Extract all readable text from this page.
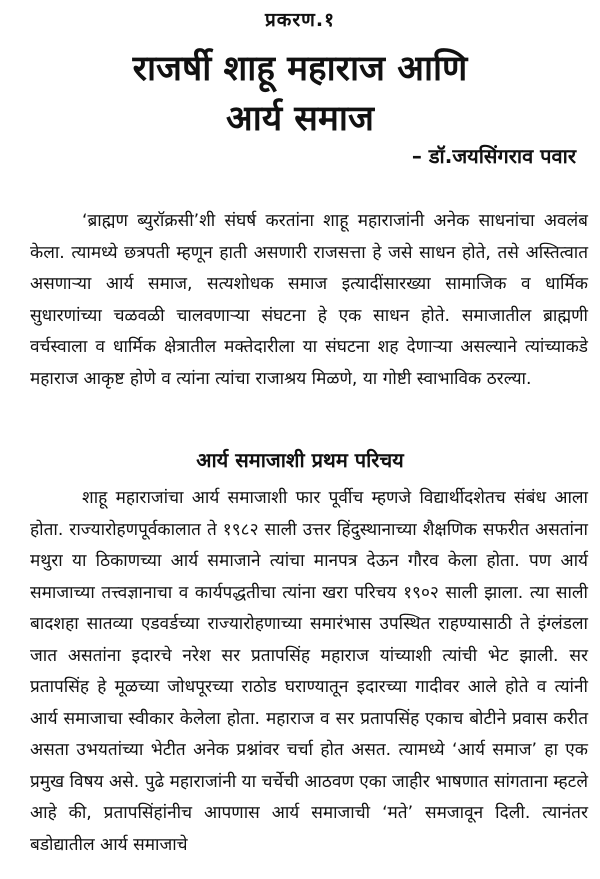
प्रकरण.१
राजर्षी शाहू महाराज आणि
आर्य समाज
– डॉ.जयसिंगराव पवार

‘ब्राह्मण ब्युरॉक्रसी’शी संघर्ष करतांना शाहू महाराजांनी अनेक साधनांचा अवलंब केला. त्यामध्ये छत्रपती म्हणून हाती असणारी राजसत्ता हे जसे साधन होते, तसे अस्तित्वात असणाऱ्या आर्य समाज, सत्यशोधक समाज इत्यादींसारख्या सामाजिक व धार्मिक सुधारणांच्या चळवळी चालवणाऱ्या संघटना हे एक साधन होते. समाजातील ब्राह्मणी वर्चस्वाला व धार्मिक क्षेत्रातील मक्तेदारीला या संघटना शह देणाऱ्या असल्याने त्यांच्याकडे महाराज आकृष्ट होणे व त्यांना त्यांचा राजाश्रय मिळणे, या गोष्टी स्वाभाविक ठरल्या.

आर्य समाजाशी प्रथम परिचय

शाहू महाराजांचा आर्य समाजाशी फार पूर्वीच म्हणजे विद्यार्थीदशेतच संबंध आला होता. राज्यारोहणपूर्वकालात ते १९८२ साली उत्तर हिंदुस्थानाच्या शैक्षणिक सफरीत असतांना मथुरा या ठिकाणच्या आर्य समाजाने त्यांचा मानपत्र देऊन गौरव केला होता. पण आर्य समाजाच्या तत्त्वज्ञानाचा व कार्यपद्धतीचा त्यांना खरा परिचय १९०२ साली झाला. त्या साली बादशहा सातव्या एडवर्डच्या राज्यारोहणाच्या समारंभास उपस्थित राहण्यासाठी ते इंग्लंडला जात असतांना इदारचे नरेश सर प्रतापसिंह महाराज यांच्याशी त्यांची भेट झाली. सर प्रतापसिंह हे मूळच्या जोधपूरच्या राठोड घराण्यातून इदारच्या गादीवर आले होते व त्यांनी आर्य समाजाचा स्वीकार केलेला होता. महाराज व सर प्रतापसिंह एकाच बोटीने प्रवास करीत असता उभयतांच्या भेटीत अनेक प्रश्नांवर चर्चा होत असत. त्यामध्ये ‘आर्य समाज’ हा एक प्रमुख विषय असे. पुढे महाराजांनी या चर्चेची आठवण एका जाहीर भाषणात सांगताना म्हटले आहे की, प्रतापसिंहांनीच आपणास आर्य समाजाची ‘मते’ समजावून दिली. त्यानंतर बडोद्यातील आर्य समाजाचे
